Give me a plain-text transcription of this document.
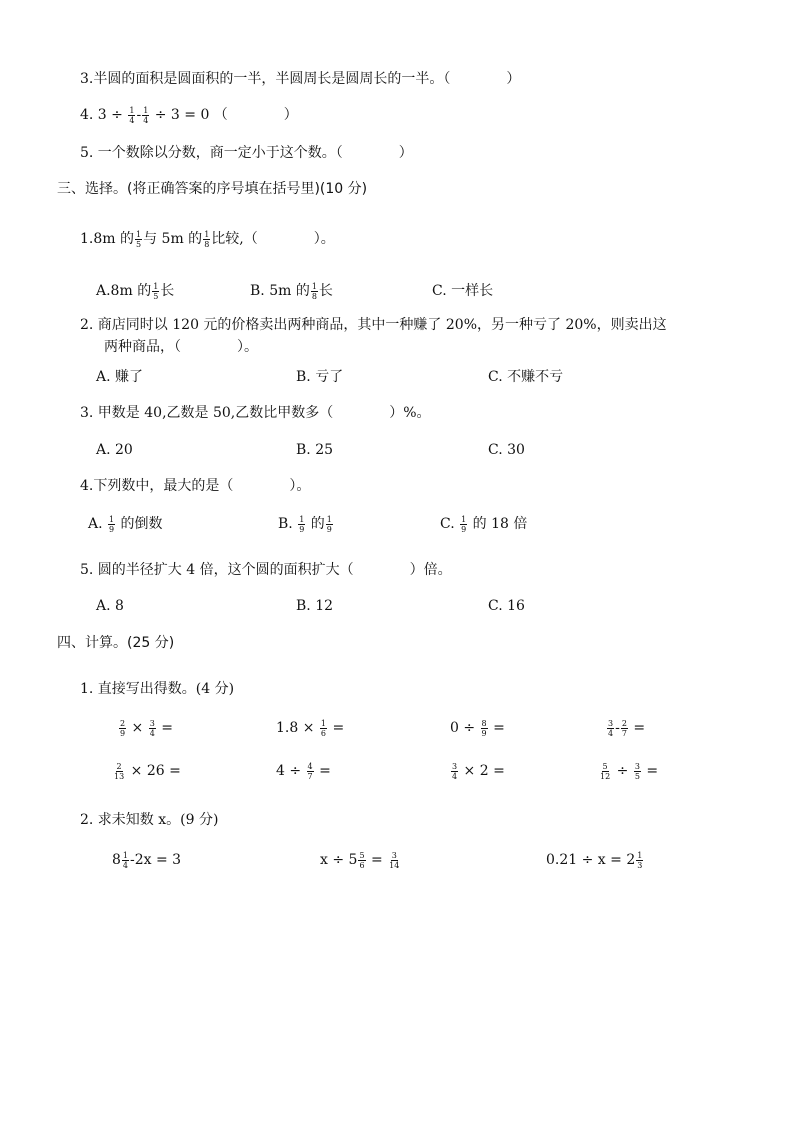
3.半圆的面积是圆面积的一半，半圆周长是圆周长的一半。（　　　　）
4. $3 \div \frac{1}{4} - \frac{1}{4} \div 3 = 0$ （　　　　）
5. 一个数除以分数，商一定小于这个数。（　　　　）
三、选择。(将正确答案的序号填在括号里)(10 分)
1.8m 的 $\frac{1}{5}$ 与 5m 的 $\frac{1}{8}$ 比较,（　　　　）。
A.8m 的 $\frac{1}{5}$ 长	B. 5m 的 $\frac{1}{8}$ 长	C. 一样长
2. 商店同时以 120 元的价格卖出两种商品，其中一种赚了 20%，另一种亏了 20%，则卖出这
两种商品，（　　　　）。
A. 赚了	B. 亏了	C. 不赚不亏
3. 甲数是 40,乙数是 50,乙数比甲数多（　　　　）%。
A. 20	B. 25	C. 30
4.下列数中，最大的是（　　　　）。
A. $\frac{1}{9}$ 的倒数	B. $\frac{1}{9}$ 的 $\frac{1}{9}$	C. $\frac{1}{9}$ 的 18 倍
5. 圆的半径扩大 4 倍，这个圆的面积扩大（　　　　）倍。
A. 8	B. 12	C. 16
四、计算。(25 分)
1. 直接写出得数。(4 分)
$\frac{2}{9} \times \frac{3}{4}$ =	$1.8 \times \frac{1}{6}$ =	$0 \div \frac{8}{9}$ =	$\frac{3}{4} - \frac{2}{7}$ =
$\frac{2}{13} \times 26$ =	$4 \div \frac{4}{7}$ =	$\frac{3}{4} \times 2$ =	$\frac{5}{12} \div \frac{3}{5}$ =
2. 求未知数 x。(9 分)
$8 \frac{1}{4} -2x = 3$	$x \div 5 \frac{5}{6} = \frac{3}{14}$	$0.21 \div x = 2 \frac{1}{3}$
